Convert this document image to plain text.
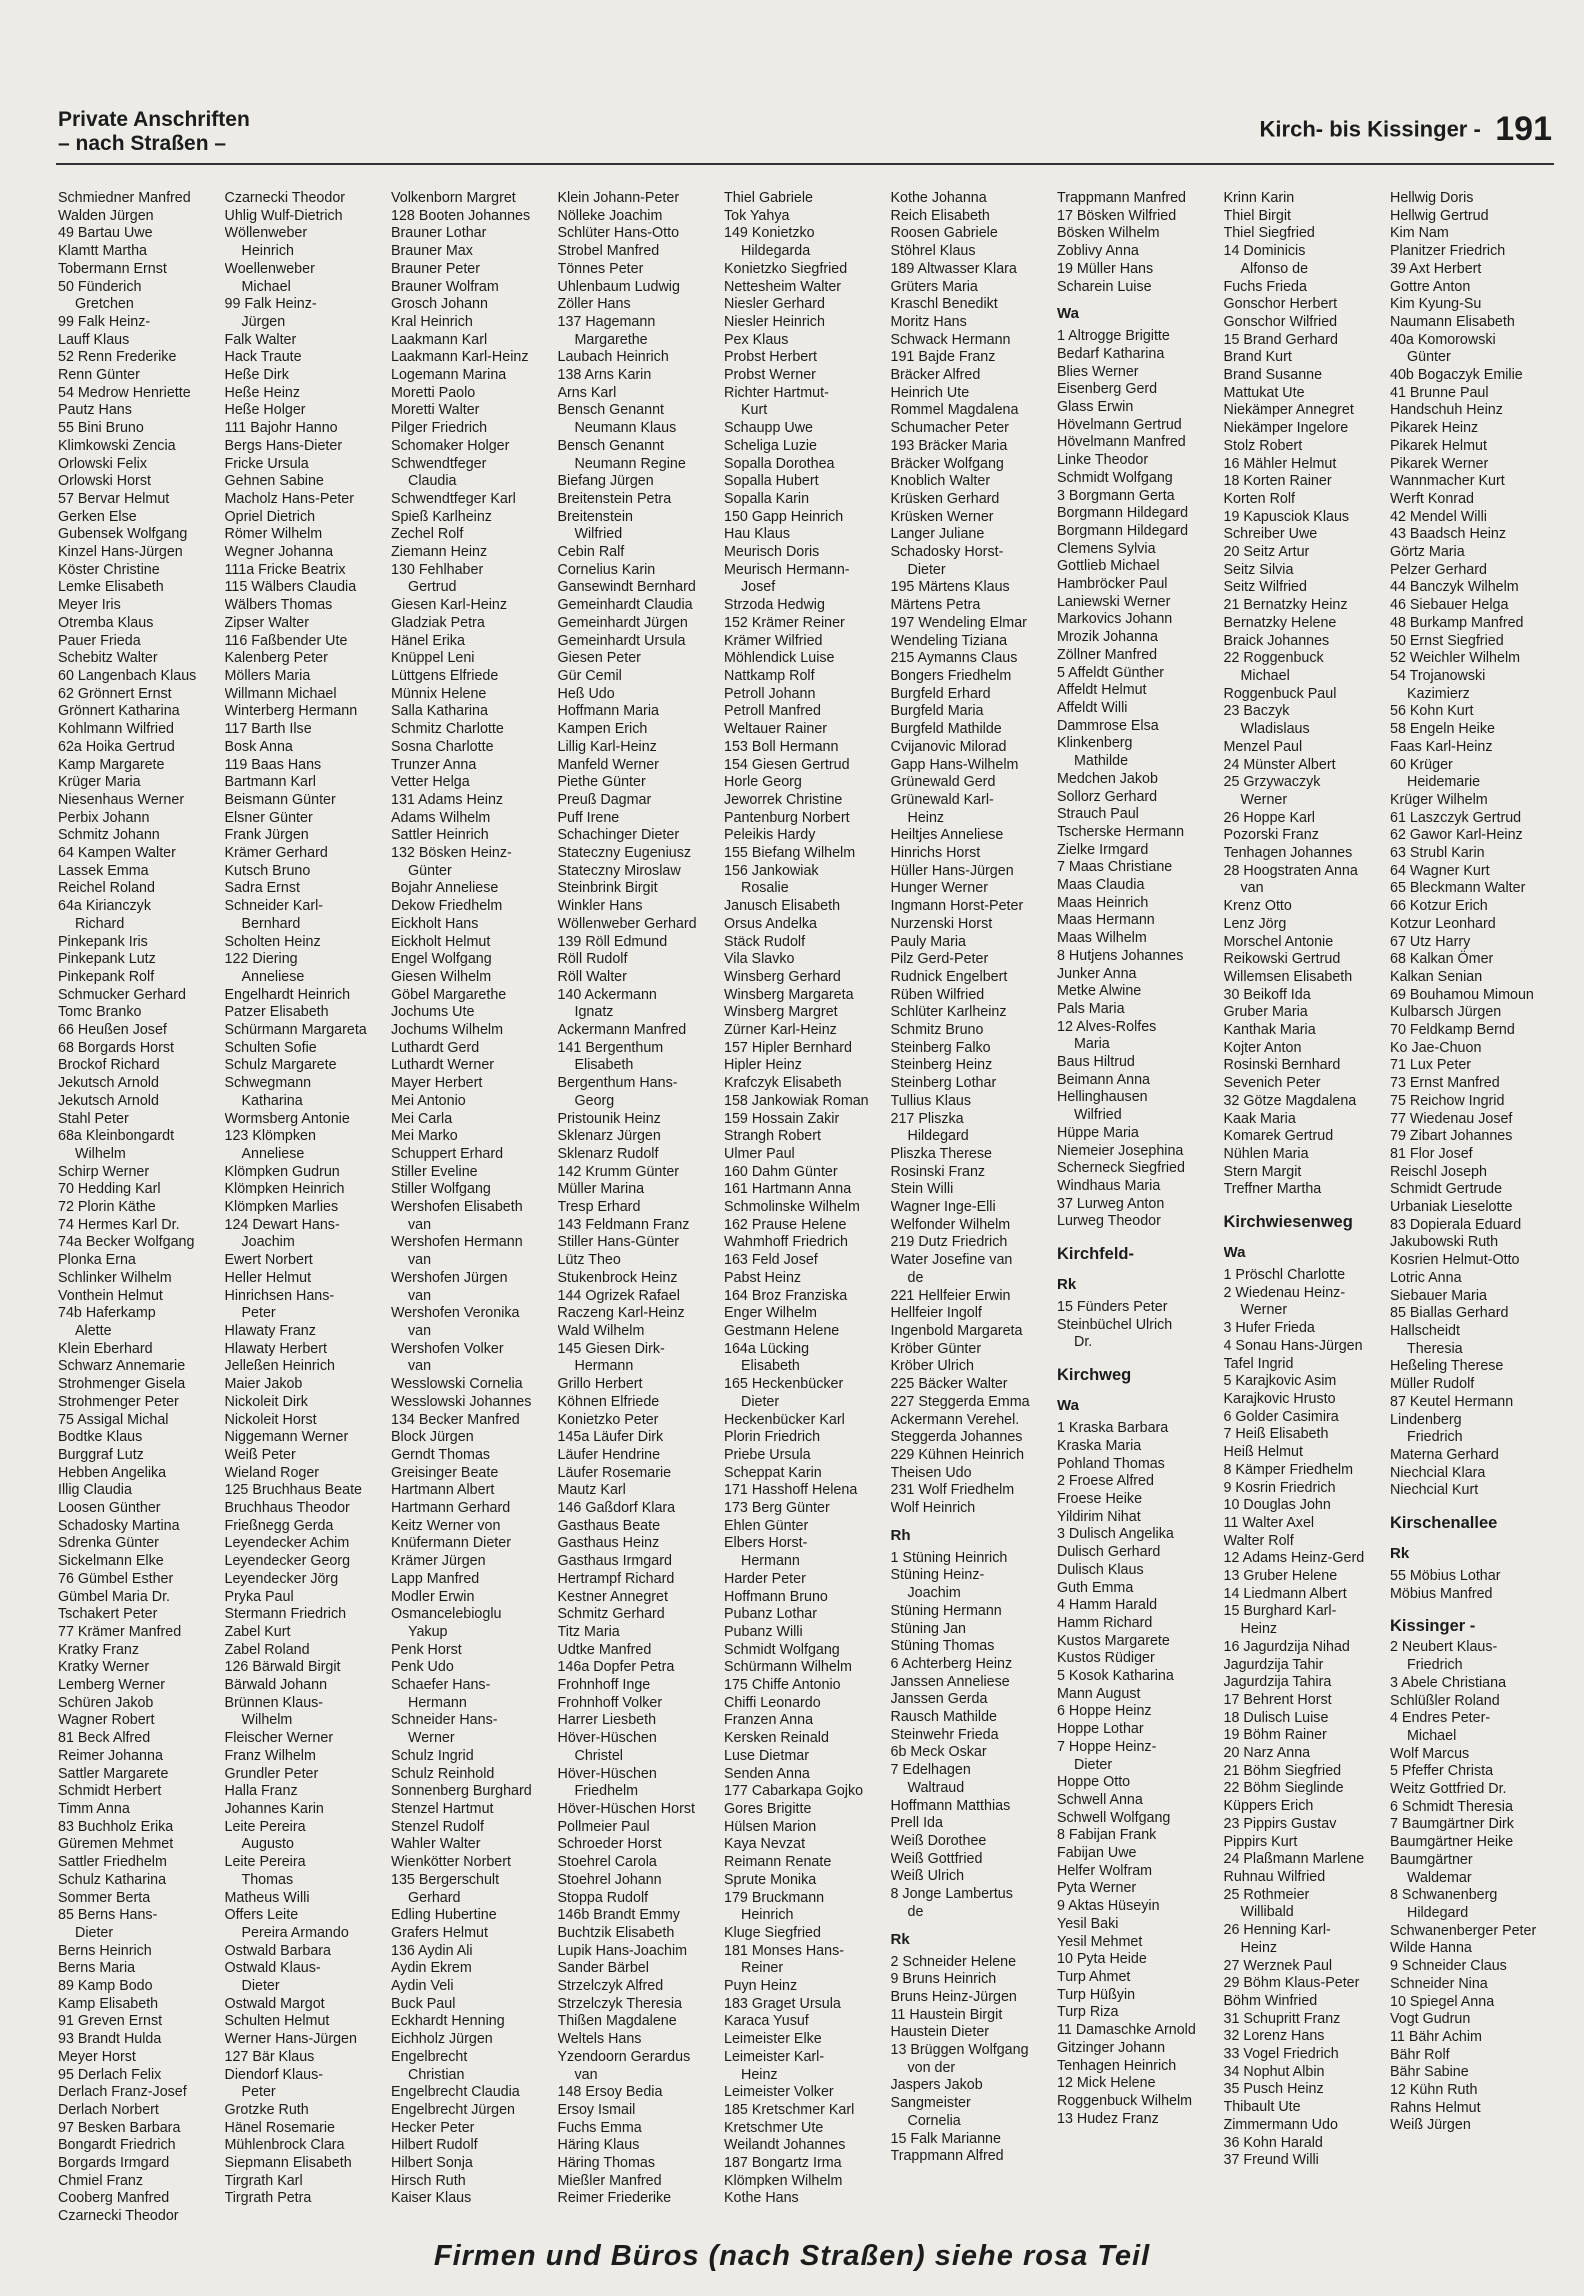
Private Anschriften
– nach Straßen –
Kirch- bis Kissinger - 191
Schmiedner Manfred
Walden Jürgen
49 Bartau Uwe
Klamtt Martha
Tobermann Ernst
50 Fünderich
Gretchen
99 Falk Heinz-
Lauff Klaus
52 Renn Frederike
Renn Günter
54 Medrow Henriette
Pautz Hans
55 Bini Bruno
Klimkowski Zencia
Orlowski Felix
Orlowski Horst
57 Bervar Helmut
Gerken Else
Gubensek Wolfgang
Kinzel Hans-Jürgen
Köster Christine
Lemke Elisabeth
Meyer Iris
Otremba Klaus
Pauer Frieda
Schebitz Walter
60 Langenbach Klaus
62 Grönnert Ernst
Grönnert Katharina
Kohlmann Wilfried
62a Hoika Gertrud
Kamp Margarete
Krüger Maria
Niesenhaus Werner
Perbix Johann
Schmitz Johann
64 Kampen Walter
Lassek Emma
Reichel Roland
64a Kirianczyk
Richard
Pinkepank Iris
Pinkepank Lutz
Pinkepank Rolf
Schmucker Gerhard
Tomc Branko
66 Heußen Josef
68 Borgards Horst
Brockof Richard
Jekutsch Arnold
Jekutsch Arnold
Stahl Peter
68a Kleinbongardt
Wilhelm
Schirp Werner
70 Hedding Karl
72 Plorin Käthe
74 Hermes Karl Dr.
74a Becker Wolfgang
Plonka Erna
Schlinker Wilhelm
Vonthein Helmut
74b Haferkamp
Alette
Klein Eberhard
Schwarz Annemarie
Strohmenger Gisela
Strohmenger Peter
75 Assigal Michal
Bodtke Klaus
Burggraf Lutz
Hebben Angelika
Illig Claudia
Loosen Günther
Schadosky Martina
Sdrenka Günter
Sickelmann Elke
76 Gümbel Esther
Gümbel Maria Dr.
Tschakert Peter
77 Krämer Manfred
Kratky Franz
Kratky Werner
Lemberg Werner
Schüren Jakob
Wagner Robert
81 Beck Alfred
Reimer Johanna
Sattler Margarete
Schmidt Herbert
Timm Anna
83 Buchholz Erika
Güremen Mehmet
Sattler Friedhelm
Schulz Katharina
Sommer Berta
85 Berns Hans-
Dieter
Berns Heinrich
Berns Maria
89 Kamp Bodo
Kamp Elisabeth
91 Greven Ernst
93 Brandt Hulda
Meyer Horst
95 Derlach Felix
Derlach Franz-Josef
Derlach Norbert
97 Besken Barbara
Bongardt Friedrich
Borgards Irmgard
Chmiel Franz
Cooberg Manfred
Czarnecki Theodor
Czarnecki Theodor
Uhlig Wulf-Dietrich
Wöllenweber
Heinrich
Woellenweber
Michael
99 Falk Heinz-
Jürgen
Falk Walter
Hack Traute
Heße Dirk
Heße Heinz
Heße Holger
111 Bajohr Hanno
Bergs Hans-Dieter
Fricke Ursula
Gehnen Sabine
Macholz Hans-Peter
Opriel Dietrich
Römer Wilhelm
Wegner Johanna
111a Fricke Beatrix
115 Wälbers Claudia
Wälbers Thomas
Zipser Walter
116 Faßbender Ute
Kalenberg Peter
Möllers Maria
Willmann Michael
Winterberg Hermann
117 Barth Ilse
Bosk Anna
119 Baas Hans
Bartmann Karl
Beismann Günter
Elsner Günter
Frank Jürgen
Krämer Gerhard
Kutsch Bruno
Sadra Ernst
Schneider Karl-
Bernhard
Scholten Heinz
122 Diering
Anneliese
Engelhardt Heinrich
Patzer Elisabeth
Schürmann Margareta
Schulten Sofie
Schulz Margarete
Schwegmann
Katharina
Wormsberg Antonie
123 Klömpken
Anneliese
Klömpken Gudrun
Klömpken Heinrich
Klömpken Marlies
124 Dewart Hans-
Joachim
Ewert Norbert
Heller Helmut
Hinrichsen Hans-
Peter
Hlawaty Franz
Hlawaty Herbert
Jelleßen Heinrich
Maier Jakob
Nickoleit Dirk
Nickoleit Horst
Niggemann Werner
Weiß Peter
Wieland Roger
125 Bruchhaus Beate
Bruchhaus Theodor
Frießnegg Gerda
Leyendecker Achim
Leyendecker Georg
Leyendecker Jörg
Pryka Paul
Stermann Friedrich
Zabel Kurt
Zabel Roland
126 Bärwald Birgit
Bärwald Johann
Brünnen Klaus-
Wilhelm
Fleischer Werner
Franz Wilhelm
Grundler Peter
Halla Franz
Johannes Karin
Leite Pereira
Augusto
Leite Pereira
Thomas
Matheus Willi
Offers Leite
Pereira Armando
Ostwald Barbara
Ostwald Klaus-
Dieter
Ostwald Margot
Schulten Helmut
Werner Hans-Jürgen
127 Bär Klaus
Diendorf Klaus-
Peter
Grotzke Ruth
Hänel Rosemarie
Mühlenbrock Clara
Siepmann Elisabeth
Tirgrath Karl
Tirgrath Petra
Volkenborn Margret
128 Booten Johannes
Brauner Lothar
Brauner Max
Brauner Peter
Brauner Wolfram
Grosch Johann
Kral Heinrich
Laakmann Karl
Laakmann Karl-Heinz
Logemann Marina
Moretti Paolo
Moretti Walter
Pilger Friedrich
Schomaker Holger
Schwendtfeger
Claudia
Schwendtfeger Karl
Spieß Karlheinz
Zechel Rolf
Ziemann Heinz
130 Fehlhaber
Gertrud
Giesen Karl-Heinz
Gladziak Petra
Hänel Erika
Knüppel Leni
Lüttgens Elfriede
Münnix Helene
Salla Katharina
Schmitz Charlotte
Sosna Charlotte
Trunzer Anna
Vetter Helga
131 Adams Heinz
Adams Wilhelm
Sattler Heinrich
132 Bösken Heinz-
Günter
Bojahr Anneliese
Dekow Friedhelm
Eickholt Hans
Eickholt Helmut
Engel Wolfgang
Giesen Wilhelm
Göbel Margarethe
Jochums Ute
Jochums Wilhelm
Luthardt Gerd
Luthardt Werner
Mayer Herbert
Mei Antonio
Mei Carla
Mei Marko
Schuppert Erhard
Stiller Eveline
Stiller Wolfgang
Wershofen Elisabeth
van
Wershofen Hermann
van
Wershofen Jürgen
van
Wershofen Veronika
van
Wershofen Volker
van
Wesslowski Cornelia
Wesslowski Johannes
134 Becker Manfred
Block Jürgen
Gerndt Thomas
Greisinger Beate
Hartmann Albert
Hartmann Gerhard
Keitz Werner von
Knüfermann Dieter
Krämer Jürgen
Lapp Manfred
Modler Erwin
Osmancelebioglu
Yakup
Penk Horst
Penk Udo
Schaefer Hans-
Hermann
Schneider Hans-
Werner
Schulz Ingrid
Schulz Reinhold
Sonnenberg Burghard
Stenzel Hartmut
Stenzel Rudolf
Wahler Walter
Wienkötter Norbert
135 Bergerschult
Gerhard
Edling Hubertine
Grafers Helmut
136 Aydin Ali
Aydin Ekrem
Aydin Veli
Buck Paul
Eckhardt Henning
Eichholz Jürgen
Engelbrecht
Christian
Engelbrecht Claudia
Engelbrecht Jürgen
Hecker Peter
Hilbert Rudolf
Hilbert Sonja
Hirsch Ruth
Kaiser Klaus
Klein Johann-Peter
Nölleke Joachim
Schlüter Hans-Otto
Strobel Manfred
Tönnes Peter
Uhlenbaum Ludwig
Zöller Hans
137 Hagemann
Margarethe
Laubach Heinrich
138 Arns Karin
Arns Karl
Bensch Genannt
Neumann Klaus
Bensch Genannt
Neumann Regine
Biefang Jürgen
Breitenstein Petra
Breitenstein
Wilfried
Cebin Ralf
Cornelius Karin
Gansewindt Bernhard
Gemeinhardt Claudia
Gemeinhardt Jürgen
Gemeinhardt Ursula
Giesen Peter
Gür Cemil
Heß Udo
Hoffmann Maria
Kampen Erich
Lillig Karl-Heinz
Manfeld Werner
Piethe Günter
Preuß Dagmar
Puff Irene
Schachinger Dieter
Stateczny Eugeniusz
Stateczny Miroslaw
Steinbrink Birgit
Winkler Hans
Wöllenweber Gerhard
139 Röll Edmund
Röll Rudolf
Röll Walter
140 Ackermann
Ignatz
Ackermann Manfred
141 Bergenthum
Elisabeth
Bergenthum Hans-
Georg
Pristounik Heinz
Sklenarz Jürgen
Sklenarz Rudolf
142 Krumm Günter
Müller Marina
Tresp Erhard
143 Feldmann Franz
Stiller Hans-Günter
Lütz Theo
Stukenbrock Heinz
144 Ogrizek Rafael
Raczeng Karl-Heinz
Wald Wilhelm
145 Giesen Dirk-
Hermann
Grillo Herbert
Köhnen Elfriede
Konietzko Peter
145a Läufer Dirk
Läufer Hendrine
Läufer Rosemarie
Mautz Karl
146 Gaßdorf Klara
Gasthaus Beate
Gasthaus Heinz
Gasthaus Irmgard
Hertrampf Richard
Kestner Annegret
Schmitz Gerhard
Titz Maria
Udtke Manfred
146a Dopfer Petra
Frohnhoff Inge
Frohnhoff Volker
Harrer Liesbeth
Höver-Hüschen
Christel
Höver-Hüschen
Friedhelm
Höver-Hüschen Horst
Pollmeier Paul
Schroeder Horst
Stoehrel Carola
Stoehrel Johann
Stoppa Rudolf
146b Brandt Emmy
Buchtzik Elisabeth
Lupik Hans-Joachim
Sander Bärbel
Strzelczyk Alfred
Strzelczyk Theresia
Thißen Magdalene
Weltels Hans
Yzendoorn Gerardus
van
148 Ersoy Bedia
Ersoy Ismail
Fuchs Emma
Häring Klaus
Häring Thomas
Mießler Manfred
Reimer Friederike
Thiel Gabriele
Tok Yahya
149 Konietzko
Hildegarda
Konietzko Siegfried
Nettesheim Walter
Niesler Gerhard
Niesler Heinrich
Pex Klaus
Probst Herbert
Probst Werner
Richter Hartmut-
Kurt
Schaupp Uwe
Scheliga Luzie
Sopalla Dorothea
Sopalla Hubert
Sopalla Karin
150 Gapp Heinrich
Hau Klaus
Meurisch Doris
Meurisch Hermann-
Josef
Strzoda Hedwig
152 Krämer Reiner
Krämer Wilfried
Möhlendick Luise
Nattkamp Rolf
Petroll Johann
Petroll Manfred
Weltauer Rainer
153 Boll Hermann
154 Giesen Gertrud
Horle Georg
Jeworrek Christine
Pantenburg Norbert
Peleikis Hardy
155 Biefang Wilhelm
156 Jankowiak
Rosalie
Janusch Elisabeth
Orsus Andelka
Stäck Rudolf
Vila Slavko
Winsberg Gerhard
Winsberg Margareta
Winsberg Margret
Zürner Karl-Heinz
157 Hipler Bernhard
Hipler Heinz
Krafczyk Elisabeth
158 Jankowiak Roman
159 Hossain Zakir
Strangh Robert
Ulmer Paul
160 Dahm Günter
161 Hartmann Anna
Schmolinske Wilhelm
162 Prause Helene
Wahmhoff Friedrich
163 Feld Josef
Pabst Heinz
164 Broz Franziska
Enger Wilhelm
Gestmann Helene
164a Lücking
Elisabeth
165 Heckenbücker
Dieter
Heckenbücker Karl
Plorin Friedrich
Priebe Ursula
Scheppat Karin
171 Hasshoff Helena
173 Berg Günter
Ehlen Günter
Elbers Horst-
Hermann
Harder Peter
Hoffmann Bruno
Pubanz Lothar
Pubanz Willi
Schmidt Wolfgang
Schürmann Wilhelm
175 Chiffe Antonio
Chiffi Leonardo
Franzen Anna
Kersken Reinald
Luse Dietmar
Senden Anna
177 Cabarkapa Gojko
Gores Brigitte
Hülsen Marion
Kaya Nevzat
Reimann Renate
Sprute Monika
179 Bruckmann
Heinrich
Kluge Siegfried
181 Monses Hans-
Reiner
Puyn Heinz
183 Graget Ursula
Karaca Yusuf
Leimeister Elke
Leimeister Karl-
Heinz
Leimeister Volker
185 Kretschmer Karl
Kretschmer Ute
Weilandt Johannes
187 Bongartz Irma
Klömpken Wilhelm
Kothe Hans
Kothe Johanna
Reich Elisabeth
Roosen Gabriele
Stöhrel Klaus
189 Altwasser Klara
Grüters Maria
Kraschl Benedikt
Moritz Hans
Schwack Hermann
191 Bajde Franz
Bräcker Alfred
Heinrich Ute
Rommel Magdalena
Schumacher Peter
193 Bräcker Maria
Bräcker Wolfgang
Knoblich Walter
Krüsken Gerhard
Krüsken Werner
Langer Juliane
Schadosky Horst-
Dieter
195 Märtens Klaus
Märtens Petra
197 Wendeling Elmar
Wendeling Tiziana
215 Aymanns Claus
Bongers Friedhelm
Burgfeld Erhard
Burgfeld Maria
Burgfeld Mathilde
Cvijanovic Milorad
Gapp Hans-Wilhelm
Grünewald Gerd
Grünewald Karl-
Heinz
Heiltjes Anneliese
Hinrichs Horst
Hüller Hans-Jürgen
Hunger Werner
Ingmann Horst-Peter
Nurzenski Horst
Pauly Maria
Pilz Gerd-Peter
Rudnick Engelbert
Rüben Wilfried
Schlüter Karlheinz
Schmitz Bruno
Steinberg Falko
Steinberg Heinz
Steinberg Lothar
Tullius Klaus
217 Pliszka
Hildegard
Pliszka Therese
Rosinski Franz
Stein Willi
Wagner Inge-Elli
Welfonder Wilhelm
219 Dutz Friedrich
Water Josefine van
de
221 Hellfeier Erwin
Hellfeier Ingolf
Ingenbold Margareta
Kröber Günter
Kröber Ulrich
225 Bäcker Walter
227 Steggerda Emma
Ackermann Verehel.
Steggerda Johannes
229 Kühnen Heinrich
Theisen Udo
231 Wolf Friedhelm
Wolf Heinrich
Rh
1 Stüning Heinrich
Stüning Heinz-
Joachim
Stüning Hermann
Stüning Jan
Stüning Thomas
6 Achterberg Heinz
Janssen Anneliese
Janssen Gerda
Rausch Mathilde
Steinwehr Frieda
6b Meck Oskar
7 Edelhagen
Waltraud
Hoffmann Matthias
Prell Ida
Weiß Dorothee
Weiß Gottfried
Weiß Ulrich
8 Jonge Lambertus
de
Rk
2 Schneider Helene
9 Bruns Heinrich
Bruns Heinz-Jürgen
11 Haustein Birgit
Haustein Dieter
13 Brüggen Wolfgang
von der
Jaspers Jakob
Sangmeister
Cornelia
15 Falk Marianne
Trappmann Alfred
Trappmann Manfred
17 Bösken Wilfried
Bösken Wilhelm
Zoblivy Anna
19 Müller Hans
Scharein Luise
Wa
1 Altrogge Brigitte
Bedarf Katharina
Blies Werner
Eisenberg Gerd
Glass Erwin
Hövelmann Gertrud
Hövelmann Manfred
Linke Theodor
Schmidt Wolfgang
3 Borgmann Gerta
Borgmann Hildegard
Borgmann Hildegard
Clemens Sylvia
Gottlieb Michael
Hambröcker Paul
Laniewski Werner
Markovics Johann
Mrozik Johanna
Zöllner Manfred
5 Affeldt Günther
Affeldt Helmut
Affeldt Willi
Dammrose Elsa
Klinkenberg
Mathilde
Medchen Jakob
Sollorz Gerhard
Strauch Paul
Tscherske Hermann
Zielke Irmgard
7 Maas Christiane
Maas Claudia
Maas Heinrich
Maas Hermann
Maas Wilhelm
8 Hutjens Johannes
Junker Anna
Metke Alwine
Pals Maria
12 Alves-Rolfes
Maria
Baus Hiltrud
Beimann Anna
Hellinghausen
Wilfried
Hüppe Maria
Niemeier Josephina
Scherneck Siegfried
Windhaus Maria
37 Lurweg Anton
Lurweg Theodor
Kirchfeld-
Rk
15 Fünders Peter
Steinbüchel Ulrich
Dr.
Kirchweg
Wa
1 Kraska Barbara
Kraska Maria
Pohland Thomas
2 Froese Alfred
Froese Heike
Yildirim Nihat
3 Dulisch Angelika
Dulisch Gerhard
Dulisch Klaus
Guth Emma
4 Hamm Harald
Hamm Richard
Kustos Margarete
Kustos Rüdiger
5 Kosok Katharina
Mann August
6 Hoppe Heinz
Hoppe Lothar
7 Hoppe Heinz-
Dieter
Hoppe Otto
Schwell Anna
Schwell Wolfgang
8 Fabijan Frank
Fabijan Uwe
Helfer Wolfram
Pyta Werner
9 Aktas Hüseyin
Yesil Baki
Yesil Mehmet
10 Pyta Heide
Turp Ahmet
Turp Hüßyin
Turp Riza
11 Damaschke Arnold
Gitzinger Johann
Tenhagen Heinrich
12 Mick Helene
Roggenbuck Wilhelm
13 Hudez Franz
Krinn Karin
Thiel Birgit
Thiel Siegfried
14 Dominicis
Alfonso de
Fuchs Frieda
Gonschor Herbert
Gonschor Wilfried
15 Brand Gerhard
Brand Kurt
Brand Susanne
Mattukat Ute
Niekämper Annegret
Niekämper Ingelore
Stolz Robert
16 Mähler Helmut
18 Korten Rainer
Korten Rolf
19 Kapusciok Klaus
Schreiber Uwe
20 Seitz Artur
Seitz Silvia
Seitz Wilfried
21 Bernatzky Heinz
Bernatzky Helene
Braick Johannes
22 Roggenbuck
Michael
Roggenbuck Paul
23 Baczyk
Wladislaus
Menzel Paul
24 Münster Albert
25 Grzywaczyk
Werner
26 Hoppe Karl
Pozorski Franz
Tenhagen Johannes
28 Hoogstraten Anna
van
Krenz Otto
Lenz Jörg
Morschel Antonie
Reikowski Gertrud
Willemsen Elisabeth
30 Beikoff Ida
Gruber Maria
Kanthak Maria
Kojter Anton
Rosinski Bernhard
Sevenich Peter
32 Götze Magdalena
Kaak Maria
Komarek Gertrud
Nühlen Maria
Stern Margit
Treffner Martha
Kirchwiesenweg
Wa
1 Pröschl Charlotte
2 Wiedenau Heinz-
Werner
3 Hufer Frieda
4 Sonau Hans-Jürgen
Tafel Ingrid
5 Karajkovic Asim
Karajkovic Hrusto
6 Golder Casimira
7 Heiß Elisabeth
Heiß Helmut
8 Kämper Friedhelm
9 Kosrin Friedrich
10 Douglas John
11 Walter Axel
Walter Rolf
12 Adams Heinz-Gerd
13 Gruber Helene
14 Liedmann Albert
15 Burghard Karl-
Heinz
16 Jagurdzija Nihad
Jagurdzija Tahir
Jagurdzija Tahira
17 Behrent Horst
18 Dulisch Luise
19 Böhm Rainer
20 Narz Anna
21 Böhm Siegfried
22 Böhm Sieglinde
Küppers Erich
23 Pippirs Gustav
Pippirs Kurt
24 Plaßmann Marlene
Ruhnau Wilfried
25 Rothmeier
Willibald
26 Henning Karl-
Heinz
27 Werznek Paul
29 Böhm Klaus-Peter
Böhm Winfried
31 Schupritt Franz
32 Lorenz Hans
33 Vogel Friedrich
34 Nophut Albin
35 Pusch Heinz
Thibault Ute
Zimmermann Udo
36 Kohn Harald
37 Freund Willi
Hellwig Doris
Hellwig Gertrud
Kim Nam
Planitzer Friedrich
39 Axt Herbert
Gottre Anton
Kim Kyung-Su
Naumann Elisabeth
40a Komorowski
Günter
40b Bogaczyk Emilie
41 Brunne Paul
Handschuh Heinz
Pikarek Heinz
Pikarek Helmut
Pikarek Werner
Wannmacher Kurt
Werft Konrad
42 Mendel Willi
43 Baadsch Heinz
Görtz Maria
Pelzer Gerhard
44 Banczyk Wilhelm
46 Siebauer Helga
48 Burkamp Manfred
50 Ernst Siegfried
52 Weichler Wilhelm
54 Trojanowski
Kazimierz
56 Kohn Kurt
58 Engeln Heike
Faas Karl-Heinz
60 Krüger
Heidemarie
Krüger Wilhelm
61 Laszczyk Gertrud
62 Gawor Karl-Heinz
63 Strubl Karin
64 Wagner Kurt
65 Bleckmann Walter
66 Kotzur Erich
Kotzur Leonhard
67 Utz Harry
68 Kalkan Ömer
Kalkan Senian
69 Bouhamou Mimoun
Kulbarsch Jürgen
70 Feldkamp Bernd
Ko Jae-Chuon
71 Lux Peter
73 Ernst Manfred
75 Reichow Ingrid
77 Wiedenau Josef
79 Zibart Johannes
81 Flor Josef
Reischl Joseph
Schmidt Gertrude
Urbaniak Lieselotte
83 Dopierala Eduard
Jakubowski Ruth
Kosrien Helmut-Otto
Lotric Anna
Siebauer Maria
85 Biallas Gerhard
Hallscheidt
Theresia
Heßeling Therese
Müller Rudolf
87 Keutel Hermann
Lindenberg
Friedrich
Materna Gerhard
Niechcial Klara
Niechcial Kurt
Kirschenallee
Rk
55 Möbius Lothar
Möbius Manfred
Kissinger -
2 Neubert Klaus-
Friedrich
3 Abele Christiana
Schlüßler Roland
4 Endres Peter-
Michael
Wolf Marcus
5 Pfeffer Christa
Weitz Gottfried Dr.
6 Schmidt Theresia
7 Baumgärtner Dirk
Baumgärtner Heike
Baumgärtner
Waldemar
8 Schwanenberg
Hildegard
Schwanenberger Peter
Wilde Hanna
9 Schneider Claus
Schneider Nina
10 Spiegel Anna
Vogt Gudrun
11 Bähr Achim
Bähr Rolf
Bähr Sabine
12 Kühn Ruth
Rahns Helmut
Weiß Jürgen
Firmen und Büros (nach Straßen) siehe rosa Teil
